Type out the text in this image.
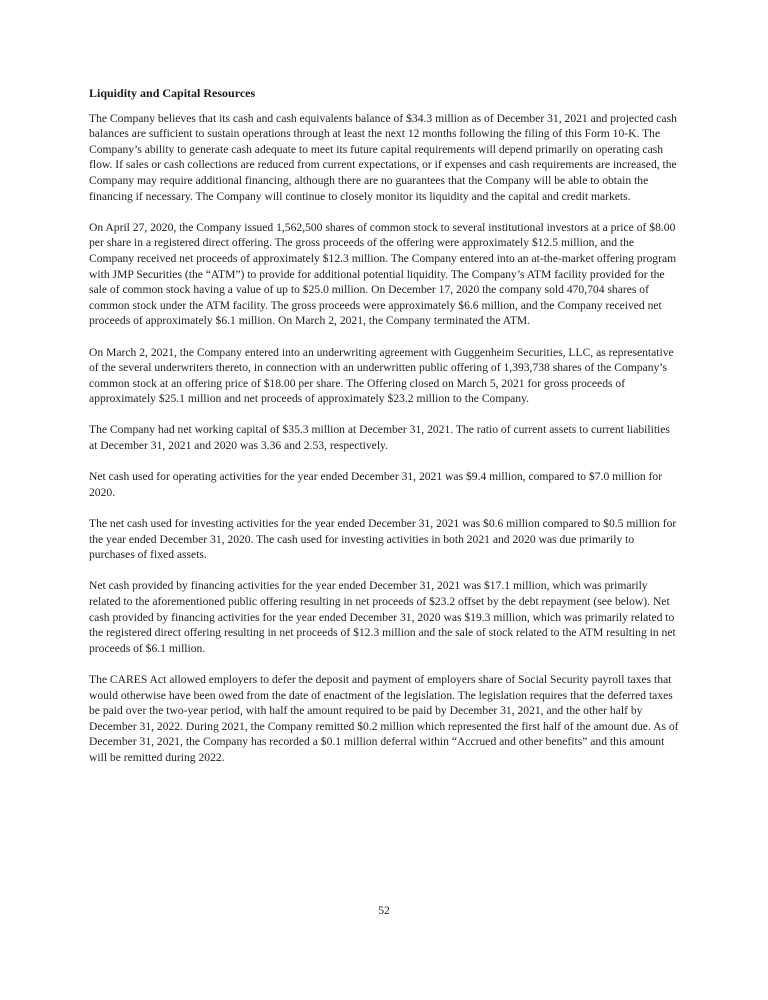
Liquidity and Capital Resources

The Company believes that its cash and cash equivalents balance of $34.3 million as of December 31, 2021 and projected cash balances are sufficient to sustain operations through at least the next 12 months following the filing of this Form 10-K. The Company’s ability to generate cash adequate to meet its future capital requirements will depend primarily on operating cash flow. If sales or cash collections are reduced from current expectations, or if expenses and cash requirements are increased, the Company may require additional financing, although there are no guarantees that the Company will be able to obtain the financing if necessary. The Company will continue to closely monitor its liquidity and the capital and credit markets.

On April 27, 2020, the Company issued 1,562,500 shares of common stock to several institutional investors at a price of $8.00 per share in a registered direct offering. The gross proceeds of the offering were approximately $12.5 million, and the Company received net proceeds of approximately $12.3 million. The Company entered into an at-the-market offering program with JMP Securities (the “ATM”) to provide for additional potential liquidity. The Company’s ATM facility provided for the sale of common stock having a value of up to $25.0 million. On December 17, 2020 the company sold 470,704 shares of common stock under the ATM facility. The gross proceeds were approximately $6.6 million, and the Company received net proceeds of approximately $6.1 million. On March 2, 2021, the Company terminated the ATM.

On March 2, 2021, the Company entered into an underwriting agreement with Guggenheim Securities, LLC, as representative of the several underwriters thereto, in connection with an underwritten public offering of 1,393,738 shares of the Company’s common stock at an offering price of $18.00 per share. The Offering closed on March 5, 2021 for gross proceeds of approximately $25.1 million and net proceeds of approximately $23.2 million to the Company.

The Company had net working capital of $35.3 million at December 31, 2021. The ratio of current assets to current liabilities at December 31, 2021 and 2020 was 3.36 and 2.53, respectively.

Net cash used for operating activities for the year ended December 31, 2021 was $9.4 million, compared to $7.0 million for 2020.

The net cash used for investing activities for the year ended December 31, 2021 was $0.6 million compared to $0.5 million for the year ended December 31, 2020. The cash used for investing activities in both 2021 and 2020 was due primarily to purchases of fixed assets.

Net cash provided by financing activities for the year ended December 31, 2021 was $17.1 million, which was primarily related to the aforementioned public offering resulting in net proceeds of $23.2 offset by the debt repayment (see below). Net cash provided by financing activities for the year ended December 31, 2020 was $19.3 million, which was primarily related to the registered direct offering resulting in net proceeds of $12.3 million and the sale of stock related to the ATM resulting in net proceeds of $6.1 million.

The CARES Act allowed employers to defer the deposit and payment of employers share of Social Security payroll taxes that would otherwise have been owed from the date of enactment of the legislation. The legislation requires that the deferred taxes be paid over the two-year period, with half the amount required to be paid by December 31, 2021, and the other half by December 31, 2022. During 2021, the Company remitted $0.2 million which represented the first half of the amount due. As of December 31, 2021, the Company has recorded a $0.1 million deferral within “Accrued and other benefits” and this amount will be remitted during 2022.

52
